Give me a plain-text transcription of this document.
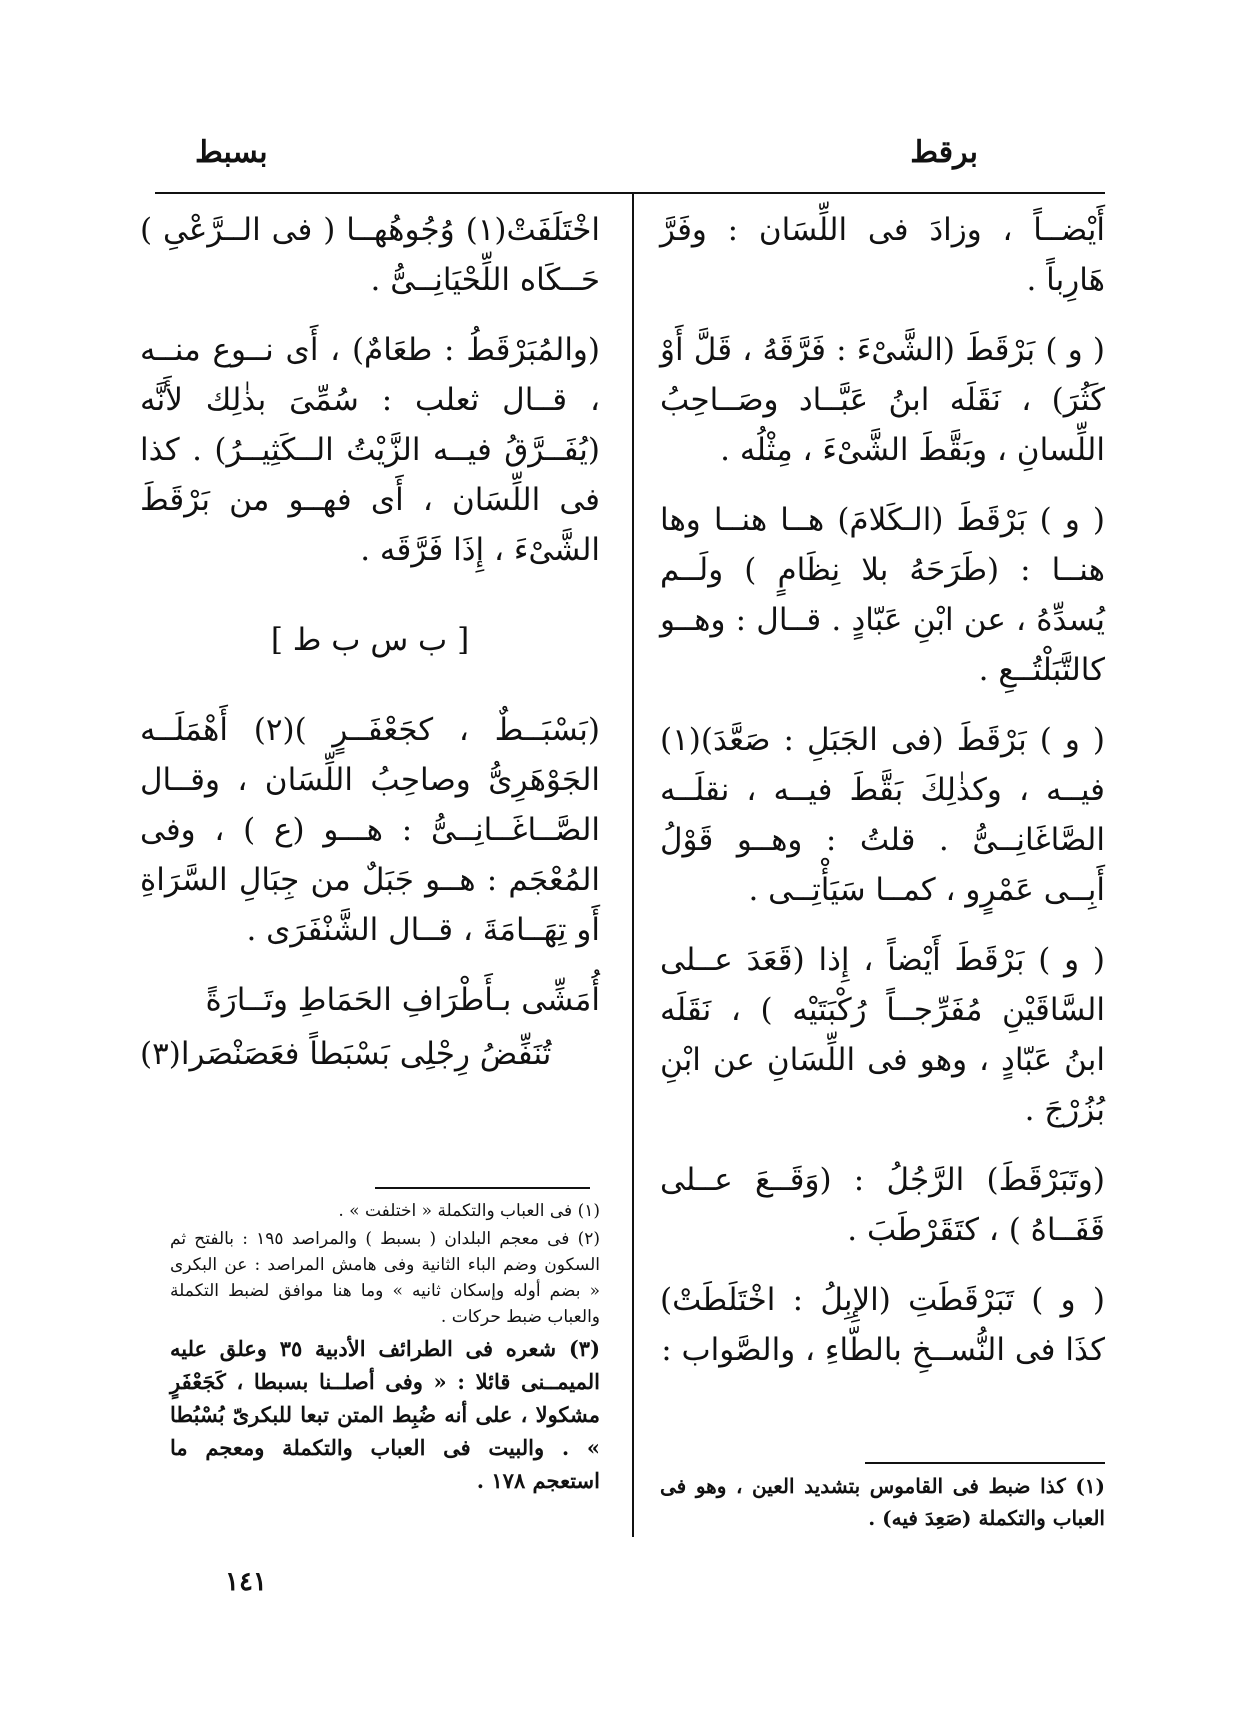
برقط
بسبط

أَيْضــاً ، وزادَ فى اللِّسَان : وفَرَّ هَارِباً .

( و ) بَرْقَطَ (الشَّىْءَ : فَرَّقَهُ ، قَلَّ أَوْ كَثُرَ) ، نَقَلَه ابنُ عَبَّــاد وصَــاحِبُ اللِّسانِ ، وبَقَّطَ الشَّىْءَ ، مِثْلُه .

( و ) بَرْقَطَ (الـكَلامَ) هــا هنــا وها هنــا : (طَرَحَهُ بلا نِظَامٍ ) ولَــم يُسدِّهُ ، عن ابْنِ عَبّادٍ . قــال : وهــو كالتَّبَلْتُــعِ .

( و ) بَرْقَطَ (فى الجَبَلِ : صَعَّدَ)(١) فيــه ، وكذٰلِكَ بَقَّطَ فيــه ، نقلَــه الصَّاغَانِــىُّ . قلتُ : وهــو قَوْلُ أَبِــى عَمْرٍو ، كمــا سَيَأْتِــى .

( و ) بَرْقَطَ أَيْضاً ، إِذا (قَعَدَ عــلى السَّاقَيْنِ مُفَرِّجــاً رُكْبَتَيْه ) ، نَقَلَه ابنُ عَبّادٍ ، وهو فى اللِّسَانِ عن ابْنِ بُزُرْجَ .

(وتَبَرْقَطَ) الرَّجُلُ : (وَقَــعَ عــلى قَفَــاهُ ) ، كتَقَرْطَبَ .

( و ) تَبَرْقَطَتِ (الإِبِلُ : اخْتَلَطَتْ) كذَا فى النُّســخِ بالطّاءِ ، والصَّواب :

اخْتَلَفَتْ(١) وُجُوهُهــا ( فى الــرَّعْىِ ) حَــكَاه اللِّحْيَانِــىُّ .

(والمُبَرْقَطُ : طعَامٌ) ، أَى نــوع منــه ، قــال ثعلب : سُمِّىَ بذٰلِك لأَنَّه (يُفَــرَّقُ فيــه الزَّيْتُ الــكَثِيــرُ) . كذا فى اللِّسَان ، أَى فهــو من بَرْقَطَ الشَّىْءَ ، إِذَا فَرَّقَه .

[ ب س ب ط ]

(بَسْبَــطٌ ، كجَعْفَــرٍ )(٢) أَهْمَلَــه الجَوْهَرِىُّ وصاحِبُ اللِّسَان ، وقــال الصَّــاغَــانِــىُّ : هـــو (ع ) ، وفى المُعْجَم : هــو جَبَلٌ من جِبَالِ السَّرَاةِ أَو تِهَــامَةَ ، قــال الشَّنْفَرَى .

أُمَشِّى بـأَطْرَافِ الحَمَاطِ وتَــارَةً

تُنَفِّضُ رِجْلِى بَسْبَطاً فعَصَنْصَرا(٣)

(١) فى العباب والتكملة « اختلفت » .

(٢) فى معجم البلدان ( بسبط ) والمراصد ١٩٥ : بالفتح ثم السكون وضم الباء الثانية وفى هامش المراصد : عن البكرى « بضم أوله وإسكان ثانيه » وما هنا موافق لضبط التكملة والعباب ضبط حركات .

(٣) شعره فى الطرائف الأدبية ٣٥ وعلق عليه الميمــنى قائلا : « وفى أصلــنا بسبطا ، كَجَعْفَرٍ مشكولا ، على أنه ضُبِط المتن تبعا للبكرىّ بُسْبُطا » . والبيت فى العباب والتكملة ومعجم ما استعجم ١٧٨ .	(١) كذا ضبط فى القاموس بتشديد العين ، وهو فى العباب والتكملة (صَعِدَ فيه) .

١٤١
